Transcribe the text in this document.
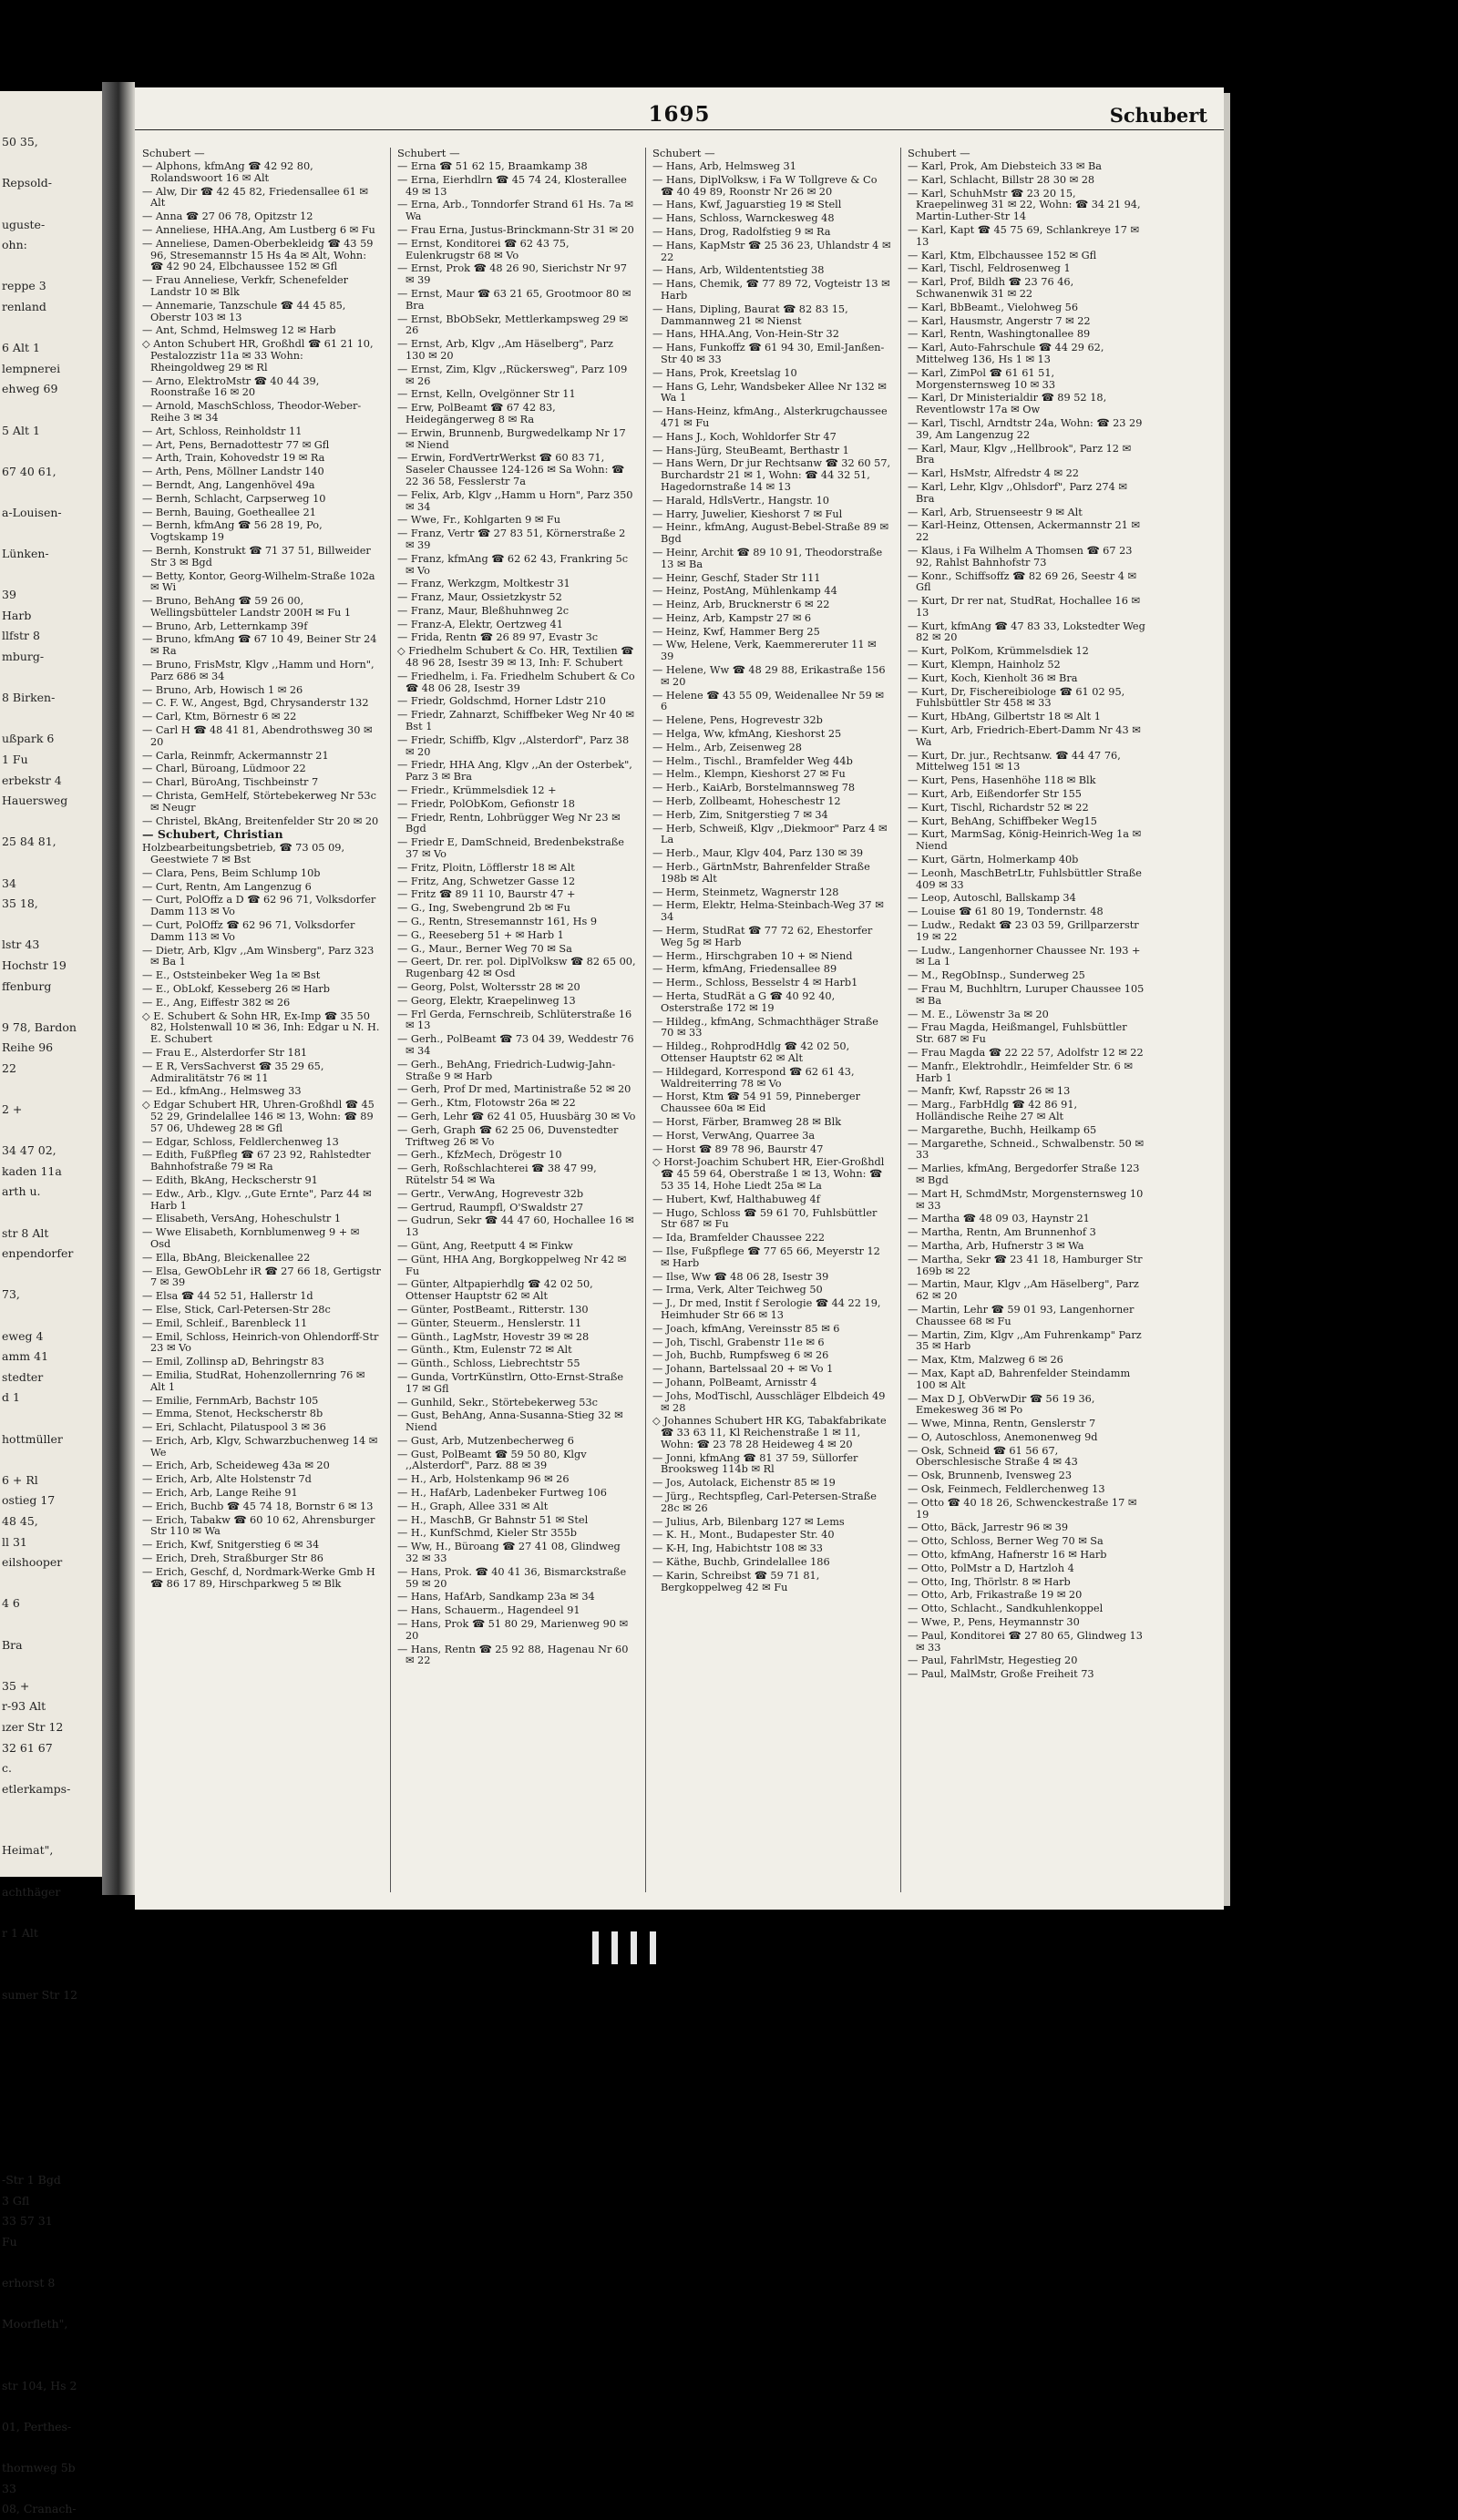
50 35,

Repsold-

uguste-
ohn:

reppe 3
renland

6 Alt 1
lempnerei
ehweg 69

5 Alt 1

67 40 61,

a-Louisen-

Lünken-

39
Harb
llfstr 8
mburg-

8 Birken-

ußpark 6
1 Fu
erbekstr 4
Hauersweg

25 84 81,

34
35 18,

lstr 43
Hochstr 19
ffenburg

9 78, Bardon
Reihe 96
22

2 +

34 47 02,
kaden 11a
arth u.

str 8 Alt
enpendorfer

73,

eweg 4
amm 41
stedter
d 1

hottmüller

6 + Rl
ostieg 17
48 45,
ll 31
eilshooper

4 6

Bra

35 +
r-93 Alt
ızer Str 12
32 61 67
c.
etlerkamps-

Heimat",

achthäger

r 1 Alt

sumer Str 12

-Str 1 Bgd
3 Gfl
33 57 31
Fu

erhorst 8

Moorfleth",

str 104, Hs 2

01, Perthes-

thornweg 5b
33
08, Cranach-
1695	Schubert
Schubert —
— Alphons, kfmAng ☎ 42 92 80, Rolandswoort 16 ✉ Alt
— Alw, Dir ☎ 42 45 82, Friedensallee 61 ✉ Alt
— Anna ☎ 27 06 78, Opitzstr 12
— Anneliese, HHA.Ang, Am Lustberg 6 ✉ Fu
— Anneliese, Damen-Oberbekleidg ☎ 43 59 96, Stresemannstr 15 Hs 4a ✉ Alt, Wohn: ☎ 42 90 24, Elbchaussee 152 ✉ Gfl
— Frau Anneliese, Verkfr, Schenefelder Landstr 10 ✉ Blk
— Annemarie, Tanzschule ☎ 44 45 85, Oberstr 103 ✉ 13
— Ant, Schmd, Helmsweg 12 ✉ Harb
◇ Anton Schubert HR, Großhdl ☎ 61 21 10, Pestalozzistr 11a ✉ 33 Wohn: Rheingoldweg 29 ✉ Rl
— Arno, ElektroMstr ☎ 40 44 39, Roonstraße 16 ✉ 20
— Arnold, MaschSchloss, Theodor-Weber-Reihe 3 ✉ 34
— Art, Schloss, Reinholdstr 11
— Art, Pens, Bernadottestr 77 ✉ Gfl
— Arth, Train, Kohovedstr 19 ✉ Ra
— Arth, Pens, Möllner Landstr 140
— Berndt, Ang, Langenhövel 49a
— Bernh, Schlacht, Carpserweg 10
— Bernh, Bauing, Goetheallee 21
— Bernh, kfmAng ☎ 56 28 19, Po, Vogtskamp 19
— Bernh, Konstrukt ☎ 71 37 51, Billweider Str 3 ✉ Bgd
— Betty, Kontor, Georg-Wilhelm-Straße 102a ✉ Wi
— Bruno, BehAng ☎ 59 26 00, Wellingsbütteler Landstr 200H ✉ Fu 1
— Bruno, Arb, Letternkamp 39f
— Bruno, kfmAng ☎ 67 10 49, Beiner Str 24 ✉ Ra
— Bruno, FrisMstr, Klgv ,,Hamm und Horn", Parz 686 ✉ 34
— Bruno, Arb, Howisch 1 ✉ 26
— C. F. W., Angest, Bgd, Chrysanderstr 132
— Carl, Ktm, Börnestr 6 ✉ 22
— Carl H ☎ 48 41 81, Abendrothsweg 30 ✉ 20
— Carla, Reinmfr, Ackermannstr 21
— Charl, Büroang, Lüdmoor 22
— Charl, BüroAng, Tischbeinstr 7
— Christa, GemHelf, Störtebekerweg Nr 53c ✉ Neugr
— Christel, BkAng, Breitenfelder Str 20 ✉ 20
— Schubert, Christian
Holzbearbeitungsbetrieb, ☎ 73 05 09, Geestwiete 7 ✉ Bst
— Clara, Pens, Beim Schlump 10b
— Curt, Rentn, Am Langenzug 6
— Curt, PolOffz a D ☎ 62 96 71, Volksdorfer Damm 113 ✉ Vo
— Curt, PolOffz ☎ 62 96 71, Volksdorfer Damm 113 ✉ Vo
— Dietr, Arb, Klgv ,,Am Winsberg", Parz 323 ✉ Ba 1
— E., Oststeinbeker Weg 1a ✉ Bst
— E., ObLokf, Kesseberg 26 ✉ Harb
— E., Ang, Eiffestr 382 ✉ 26
◇ E. Schubert & Sohn HR, Ex-Imp ☎ 35 50 82, Holstenwall 10 ✉ 36, Inh: Edgar u N. H. E. Schubert
— Frau E., Alsterdorfer Str 181
— E R, VersSachverst ☎ 35 29 65, Admiralitätstr 76 ✉ 11
— Ed., kfmAng., Helmsweg 33
◇ Edgar Schubert HR, Uhren-Großhdl ☎ 45 52 29, Grindelallee 146 ✉ 13, Wohn: ☎ 89 57 06, Uhdeweg 28 ✉ Gfl
— Edgar, Schloss, Feldlerchenweg 13
— Edith, FußPfleg ☎ 67 23 92, Rahlstedter Bahnhofstraße 79 ✉ Ra
— Edith, BkAng, Heckscherstr 91
— Edw., Arb., Klgv. ,,Gute Ernte", Parz 44 ✉ Harb 1
— Elisabeth, VersAng, Hoheschulstr 1
— Wwe Elisabeth, Kornblumenweg 9 + ✉ Osd
— Ella, BbAng, Bleickenallee 22
— Elsa, GewObLehr iR ☎ 27 66 18, Gertigstr 7 ✉ 39
— Elsa ☎ 44 52 51, Hallerstr 1d
— Else, Stick, Carl-Petersen-Str 28c
— Emil, Schleif., Barenbleck 11
— Emil, Schloss, Heinrich-von Ohlendorff-Str 23 ✉ Vo
— Emil, Zollinsp aD, Behringstr 83
— Emilia, StudRat, Hohenzollernring 76 ✉ Alt 1
— Emilie, FernmArb, Bachstr 105
— Emma, Stenot, Heckscherstr 8b
— Eri, Schlacht, Pilatuspool 3 ✉ 36
— Erich, Arb, Klgv, Schwarzbuchenweg 14 ✉ We
— Erich, Arb, Scheideweg 43a ✉ 20
— Erich, Arb, Alte Holstenstr 7d
— Erich, Arb, Lange Reihe 91
— Erich, Buchb ☎ 45 74 18, Bornstr 6 ✉ 13
— Erich, Tabakw ☎ 60 10 62, Ahrensburger Str 110 ✉ Wa
— Erich, Kwf, Snitgerstieg 6 ✉ 34
— Erich, Dreh, Straßburger Str 86
— Erich, Geschf, d, Nordmark-Werke Gmb H ☎ 86 17 89, Hirschparkweg 5 ✉ Blk
Schubert —
— Erna ☎ 51 62 15, Braamkamp 38
— Erna, Eierhdlrn ☎ 45 74 24, Klosterallee 49 ✉ 13
— Erna, Arb., Tonndorfer Strand 61 Hs. 7a ✉ Wa
— Frau Erna, Justus-Brinckmann-Str 31 ✉ 20
— Ernst, Konditorei ☎ 62 43 75, Eulenkrugstr 68 ✉ Vo
— Ernst, Prok ☎ 48 26 90, Sierichstr Nr 97 ✉ 39
— Ernst, Maur ☎ 63 21 65, Grootmoor 80 ✉ Bra
— Ernst, BbObSekr, Mettlerkampsweg 29 ✉ 26
— Ernst, Arb, Klgv ,,Am Häselberg", Parz 130 ✉ 20
— Ernst, Zim, Klgv ,,Rückersweg", Parz 109 ✉ 26
— Ernst, Kelln, Ovelgönner Str 11
— Erw, PolBeamt ☎ 67 42 83, Heidegängerweg 8 ✉ Ra
— Erwin, Brunnenb, Burgwedelkamp Nr 17 ✉ Niend
— Erwin, FordVertrWerkst ☎ 60 83 71, Saseler Chaussee 124-126 ✉ Sa Wohn: ☎ 22 36 58, Fesslerstr 7a
— Felix, Arb, Klgv ,,Hamm u Horn", Parz 350 ✉ 34
— Wwe, Fr., Kohlgarten 9 ✉ Fu
— Franz, Vertr ☎ 27 83 51, Körnerstraße 2 ✉ 39
— Franz, kfmAng ☎ 62 62 43, Frankring 5c ✉ Vo
— Franz, Werkzgm, Moltkestr 31
— Franz, Maur, Ossietzkystr 52
— Franz, Maur, Bleßhuhnweg 2c
— Franz-A, Elektr, Oertzweg 41
— Frida, Rentn ☎ 26 89 97, Evastr 3c
◇ Friedhelm Schubert & Co. HR, Textilien ☎ 48 96 28, Isestr 39 ✉ 13, Inh: F. Schubert
— Friedhelm, i. Fa. Friedhelm Schubert & Co ☎ 48 06 28, Isestr 39
— Friedr, Goldschmd, Horner Ldstr 210
— Friedr, Zahnarzt, Schiffbeker Weg Nr 40 ✉ Bst 1
— Friedr, Schiffb, Klgv ,,Alsterdorf", Parz 38 ✉ 20
— Friedr, HHA Ang, Klgv ,,An der Osterbek", Parz 3 ✉ Bra
— Friedr., Krümmelsdiek 12 +
— Friedr, PolObKom, Gefionstr 18
— Friedr, Rentn, Lohbrügger Weg Nr 23 ✉ Bgd
— Friedr E, DamSchneid, Bredenbekstraße 37 ✉ Vo
— Fritz, Ploitn, Löfflerstr 18 ✉ Alt
— Fritz, Ang, Schwetzer Gasse 12
— Fritz ☎ 89 11 10, Baurstr 47 +
— G., Ing, Swebengrund 2b ✉ Fu
— G., Rentn, Stresemannstr 161, Hs 9
— G., Reeseberg 51 + ✉ Harb 1
— G., Maur., Berner Weg 70 ✉ Sa
— Geert, Dr. rer. pol. DiplVolksw ☎ 82 65 00, Rugenbarg 42 ✉ Osd
— Georg, Polst, Woltersstr 28 ✉ 20
— Georg, Elektr, Kraepelinweg 13
— Frl Gerda, Fernschreib, Schlüterstraße 16 ✉ 13
— Gerh., PolBeamt ☎ 73 04 39, Weddestr 76 ✉ 34
— Gerh., BehAng, Friedrich-Ludwig-Jahn-Straße 9 ✉ Harb
— Gerh, Prof Dr med, Martinistraße 52 ✉ 20
— Gerh., Ktm, Flotowstr 26a ✉ 22
— Gerh, Lehr ☎ 62 41 05, Huusbärg 30 ✉ Vo
— Gerh, Graph ☎ 62 25 06, Duvenstedter Triftweg 26 ✉ Vo
— Gerh., KfzMech, Drögestr 10
— Gerh, Roßschlachterei ☎ 38 47 99, Rütelstr 54 ✉ Wa
— Gertr., VerwAng, Hogrevestr 32b
— Gertrud, Raumpfl, O'Swaldstr 27
— Gudrun, Sekr ☎ 44 47 60, Hochallee 16 ✉ 13
— Günt, Ang, Reetputt 4 ✉ Finkw
— Günt, HHA Ang, Borgkoppelweg Nr 42 ✉ Fu
— Günter, Altpapierhdlg ☎ 42 02 50, Ottenser Hauptstr 62 ✉ Alt
— Günter, PostBeamt., Ritterstr. 130
— Günter, Steuerm., Henslerstr. 11
— Günth., LagMstr, Hovestr 39 ✉ 28
— Günth., Ktm, Eulenstr 72 ✉ Alt
— Günth., Schloss, Liebrechtstr 55
— Gunda, VortrKünstlrn, Otto-Ernst-Straße 17 ✉ Gfl
— Gunhild, Sekr., Störtebekerweg 53c
— Gust, BehAng, Anna-Susanna-Stieg 32 ✉ Niend
— Gust, Arb, Mutzenbecherweg 6
— Gust, PolBeamt ☎ 59 50 80, Klgv ,,Alsterdorf", Parz. 88 ✉ 39
— H., Arb, Holstenkamp 96 ✉ 26
— H., HafArb, Ladenbeker Furtweg 106
— H., Graph, Allee 331 ✉ Alt
— H., MaschB, Gr Bahnstr 51 ✉ Stel
— H., KunfSchmd, Kieler Str 355b
— Ww, H., Büroang ☎ 27 41 08, Glindweg 32 ✉ 33
— Hans, Prok. ☎ 40 41 36, Bismarckstraße 59 ✉ 20
— Hans, HafArb, Sandkamp 23a ✉ 34
— Hans, Schauerm., Hagendeel 91
— Hans, Prok ☎ 51 80 29, Marienweg 90 ✉ 20
— Hans, Rentn ☎ 25 92 88, Hagenau Nr 60 ✉ 22
Schubert —
— Hans, Arb, Helmsweg 31
— Hans, DiplVolksw, i Fa W Tollgreve & Co ☎ 40 49 89, Roonstr Nr 26 ✉ 20
— Hans, Kwf, Jaguarstieg 19 ✉ Stell
— Hans, Schloss, Warnckesweg 48
— Hans, Drog, Radolfstieg 9 ✉ Ra
— Hans, KapMstr ☎ 25 36 23, Uhlandstr 4 ✉ 22
— Hans, Arb, Wildententstieg 38
— Hans, Chemik, ☎ 77 89 72, Vogteistr 13 ✉ Harb
— Hans, Dipling, Baurat ☎ 82 83 15, Dammannweg 21 ✉ Nienst
— Hans, HHA.Ang, Von-Hein-Str 32
— Hans, Funkoffz ☎ 61 94 30, Emil-Janßen-Str 40 ✉ 33
— Hans, Prok, Kreetslag 10
— Hans G, Lehr, Wandsbeker Allee Nr 132 ✉ Wa 1
— Hans-Heinz, kfmAng., Alsterkrugchaussee 471 ✉ Fu
— Hans J., Koch, Wohldorfer Str 47
— Hans-Jürg, SteuBeamt, Berthastr 1
— Hans Wern, Dr jur Rechtsanw ☎ 32 60 57, Burchardstr 21 ✉ 1, Wohn: ☎ 44 32 51, Hagedornstraße 14 ✉ 13
— Harald, HdlsVertr., Hangstr. 10
— Harry, Juwelier, Kieshorst 7 ✉ Ful
— Heinr., kfmAng, August-Bebel-Straße 89 ✉ Bgd
— Heinr, Archit ☎ 89 10 91, Theodorstraße 13 ✉ Ba
— Heinr, Geschf, Stader Str 111
— Heinz, PostAng, Mühlenkamp 44
— Heinz, Arb, Brucknerstr 6 ✉ 22
— Heinz, Arb, Kampstr 27 ✉ 6
— Heinz, Kwf, Hammer Berg 25
— Ww, Helene, Verk, Kaemmereruter 11 ✉ 39
— Helene, Ww ☎ 48 29 88, Erikastraße 156 ✉ 20
— Helene ☎ 43 55 09, Weidenallee Nr 59 ✉ 6
— Helene, Pens, Hogrevestr 32b
— Helga, Ww, kfmAng, Kieshorst 25
— Helm., Arb, Zeisenweg 28
— Helm., Tischl., Bramfelder Weg 44b
— Helm., Klempn, Kieshorst 27 ✉ Fu
— Herb., KaiArb, Borstelmannsweg 78
— Herb, Zollbeamt, Hoheschestr 12
— Herb, Zim, Snitgerstieg 7 ✉ 34
— Herb, Schweiß, Klgv ,,Diekmoor" Parz 4 ✉ La
— Herb., Maur, Klgv 404, Parz 130 ✉ 39
— Herb., GärtnMstr, Bahrenfelder Straße 198b ✉ Alt
— Herm, Steinmetz, Wagnerstr 128
— Herm, Elektr, Helma-Steinbach-Weg 37 ✉ 34
— Herm, StudRat ☎ 77 72 62, Ehestorfer Weg 5g ✉ Harb
— Herm., Hirschgraben 10 + ✉ Niend
— Herm, kfmAng, Friedensallee 89
— Herm., Schloss, Besselstr 4 ✉ Harb1
— Herta, StudRät a G ☎ 40 92 40, Osterstraße 172 ✉ 19
— Hildeg., kfmAng, Schmachthäger Straße 70 ✉ 33
— Hildeg., RohprodHdlg ☎ 42 02 50, Ottenser Hauptstr 62 ✉ Alt
— Hildegard, Korrespond ☎ 62 61 43, Waldreiterring 78 ✉ Vo
— Horst, Ktm ☎ 54 91 59, Pinneberger Chaussee 60a ✉ Eid
— Horst, Färber, Bramweg 28 ✉ Blk
— Horst, VerwAng, Quarree 3a
— Horst ☎ 89 78 96, Baurstr 47
◇ Horst-Joachim Schubert HR, Eier-Großhdl ☎ 45 59 64, Oberstraße 1 ✉ 13, Wohn: ☎ 53 35 14, Hohe Liedt 25a ✉ La
— Hubert, Kwf, Halthabuweg 4f
— Hugo, Schloss ☎ 59 61 70, Fuhlsbüttler Str 687 ✉ Fu
— Ida, Bramfelder Chaussee 222
— Ilse, Fußpflege ☎ 77 65 66, Meyerstr 12 ✉ Harb
— Ilse, Ww ☎ 48 06 28, Isestr 39
— Irma, Verk, Alter Teichweg 50
— J., Dr med, Instit f Serologie ☎ 44 22 19, Heimhuder Str 66 ✉ 13
— Joach, kfmAng, Vereinsstr 85 ✉ 6
— Joh, Tischl, Grabenstr 11e ✉ 6
— Joh, Buchb, Rumpfsweg 6 ✉ 26
— Johann, Bartelssaal 20 + ✉ Vo 1
— Johann, PolBeamt, Arnisstr 4
— Johs, ModTischl, Ausschläger Elbdeich 49 ✉ 28
◇ Johannes Schubert HR KG, Tabakfabrikate ☎ 33 63 11, Kl Reichenstraße 1 ✉ 11, Wohn: ☎ 23 78 28 Heideweg 4 ✉ 20
— Jonni, kfmAng ☎ 81 37 59, Süllorfer Brooksweg 114b ✉ Rl
— Jos, Autolack, Eichenstr 85 ✉ 19
— Jürg., Rechtspfleg, Carl-Petersen-Straße 28c ✉ 26
— Julius, Arb, Bilenbarg 127 ✉ Lems
— K. H., Mont., Budapester Str. 40
— K-H, Ing, Habichtstr 108 ✉ 33
— Käthe, Buchb, Grindelallee 186
— Karin, Schreibst ☎ 59 71 81, Bergkoppelweg 42 ✉ Fu
Schubert —
— Karl, Prok, Am Diebsteich 33 ✉ Ba
— Karl, Schlacht, Billstr 28 30 ✉ 28
— Karl, SchuhMstr ☎ 23 20 15, Kraepelinweg 31 ✉ 22, Wohn: ☎ 34 21 94, Martin-Luther-Str 14
— Karl, Kapt ☎ 45 75 69, Schlankreye 17 ✉ 13
— Karl, Ktm, Elbchaussee 152 ✉ Gfl
— Karl, Tischl, Feldrosenweg 1
— Karl, Prof, Bildh ☎ 23 76 46, Schwanenwik 31 ✉ 22
— Karl, BbBeamt., Vielohweg 56
— Karl, Hausmstr, Angerstr 7 ✉ 22
— Karl, Rentn, Washingtonallee 89
— Karl, Auto-Fahrschule ☎ 44 29 62, Mittelweg 136, Hs 1 ✉ 13
— Karl, ZimPol ☎ 61 61 51, Morgensternsweg 10 ✉ 33
— Karl, Dr Ministerialdir ☎ 89 52 18, Reventlowstr 17a ✉ Ow
— Karl, Tischl, Arndtstr 24a, Wohn: ☎ 23 29 39, Am Langenzug 22
— Karl, Maur, Klgv ,,Hellbrook", Parz 12 ✉ Bra
— Karl, HsMstr, Alfredstr 4 ✉ 22
— Karl, Lehr, Klgv ,,Ohlsdorf", Parz 274 ✉ Bra
— Karl, Arb, Struenseestr 9 ✉ Alt
— Karl-Heinz, Ottensen, Ackermannstr 21 ✉ 22
— Klaus, i Fa Wilhelm A Thomsen ☎ 67 23 92, Rahlst Bahnhofstr 73
— Konr., Schiffsoffz ☎ 82 69 26, Seestr 4 ✉ Gfl
— Kurt, Dr rer nat, StudRat, Hochallee 16 ✉ 13
— Kurt, kfmAng ☎ 47 83 33, Lokstedter Weg 82 ✉ 20
— Kurt, PolKom, Krümmelsdiek 12
— Kurt, Klempn, Hainholz 52
— Kurt, Koch, Kienholt 36 ✉ Bra
— Kurt, Dr, Fischereibiologe ☎ 61 02 95, Fuhlsbüttler Str 458 ✉ 33
— Kurt, HbAng, Gilbertstr 18 ✉ Alt 1
— Kurt, Arb, Friedrich-Ebert-Damm Nr 43 ✉ Wa
— Kurt, Dr. jur., Rechtsanw. ☎ 44 47 76, Mittelweg 151 ✉ 13
— Kurt, Pens, Hasenhöhe 118 ✉ Blk
— Kurt, Arb, Eißendorfer Str 155
— Kurt, Tischl, Richardstr 52 ✉ 22
— Kurt, BehAng, Schiffbeker Weg15
— Kurt, MarmSag, König-Heinrich-Weg 1a ✉ Niend
— Kurt, Gärtn, Holmerkamp 40b
— Leonh, MaschBetrLtr, Fuhlsbüttler Straße 409 ✉ 33
— Leop, Autoschl, Ballskamp 34
— Louise ☎ 61 80 19, Tondernstr. 48
— Ludw., Redakt ☎ 23 03 59, Grillparzerstr 19 ✉ 22
— Ludw., Langenhorner Chaussee Nr. 193 + ✉ La 1
— M., RegObInsp., Sunderweg 25
— Frau M, Buchhltrn, Luruper Chaussee 105 ✉ Ba
— M. E., Löwenstr 3a ✉ 20
— Frau Magda, Heißmangel, Fuhlsbüttler Str. 687 ✉ Fu
— Frau Magda ☎ 22 22 57, Adolfstr 12 ✉ 22
— Manfr., Elektrohdlr., Heimfelder Str. 6 ✉ Harb 1
— Manfr, Kwf, Rapsstr 26 ✉ 13
— Marg., FarbHdlg ☎ 42 86 91, Holländische Reihe 27 ✉ Alt
— Margarethe, Buchh, Heilkamp 65
— Margarethe, Schneid., Schwalbenstr. 50 ✉ 33
— Marlies, kfmAng, Bergedorfer Straße 123 ✉ Bgd
— Mart H, SchmdMstr, Morgensternsweg 10 ✉ 33
— Martha ☎ 48 09 03, Haynstr 21
— Martha, Rentn, Am Brunnenhof 3
— Martha, Arb, Hufnerstr 3 ✉ Wa
— Martha, Sekr ☎ 23 41 18, Hamburger Str 169b ✉ 22
— Martin, Maur, Klgv ,,Am Häselberg", Parz 62 ✉ 20
— Martin, Lehr ☎ 59 01 93, Langenhorner Chaussee 68 ✉ Fu
— Martin, Zim, Klgv ,,Am Fuhrenkamp" Parz 35 ✉ Harb
— Max, Ktm, Malzweg 6 ✉ 26
— Max, Kapt aD, Bahrenfelder Steindamm 100 ✉ Alt
— Max D J, ObVerwDir ☎ 56 19 36, Emekesweg 36 ✉ Po
— Wwe, Minna, Rentn, Genslerstr 7
— O, Autoschloss, Anemonenweg 9d
— Osk, Schneid ☎ 61 56 67, Oberschlesische Straße 4 ✉ 43
— Osk, Brunnenb, Ivensweg 23
— Osk, Feinmech, Feldlerchenweg 13
— Otto ☎ 40 18 26, Schwenckestraße 17 ✉ 19
— Otto, Bäck, Jarrestr 96 ✉ 39
— Otto, Schloss, Berner Weg 70 ✉ Sa
— Otto, kfmAng, Hafnerstr 16 ✉ Harb
— Otto, PolMstr a D, Hartzloh 4
— Otto, Ing, Thörlstr. 8 ✉ Harb
— Otto, Arb, Frikastraße 19 ✉ 20
— Otto, Schlacht., Sandkuhlenkoppel
— Wwe, P., Pens, Heymannstr 30
— Paul, Konditorei ☎ 27 80 65, Glindweg 13 ✉ 33
— Paul, FahrlMstr, Hegestieg 20
— Paul, MalMstr, Große Freiheit 73
